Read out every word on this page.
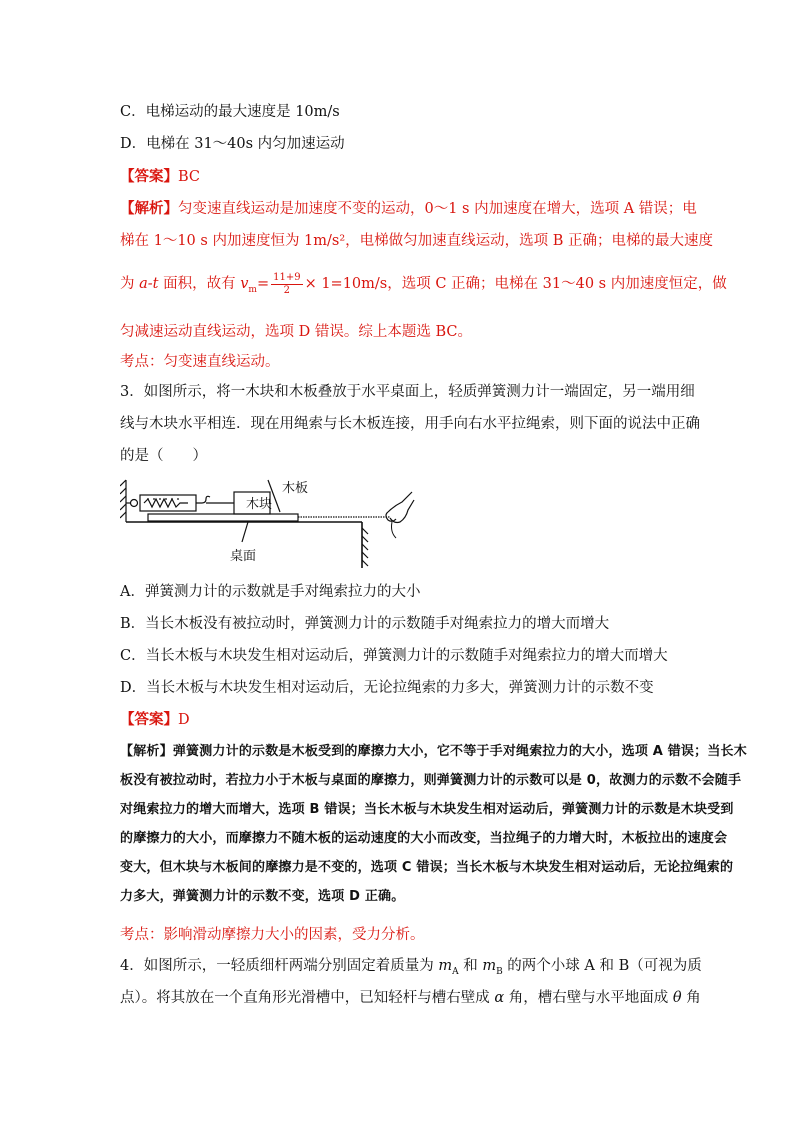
C．电梯运动的最大速度是 10m/s
D．电梯在 31～40s 内匀加速运动
【答案】BC
【解析】匀变速直线运动是加速度不变的运动，0～1 s 内加速度在增大，选项 A 错误；电
梯在 1～10 s 内加速度恒为 1m/s²，电梯做匀加速直线运动，选项 B 正确；电梯的最大速度
为 a-t 面积，故有 $v_m= \frac{11+9}{2} \times 1=10m/s$，选项 C 正确；电梯在 31～40 s 内加速度恒定，做
匀减速运动直线运动，选项 D 错误。综上本题选 BC。
考点：匀变速直线运动。
3．如图所示，将一木块和木板叠放于水平桌面上，轻质弹簧测力计一端固定，另一端用细
线与木块水平相连．现在用绳索与长木板连接，用手向右水平拉绳索，则下面的说法中正确
的是（　　）
木块
木板
桌面
A．弹簧测力计的示数就是手对绳索拉力的大小
B．当长木板没有被拉动时，弹簧测力计的示数随手对绳索拉力的增大而增大
C．当长木板与木块发生相对运动后，弹簧测力计的示数随手对绳索拉力的增大而增大
D．当长木板与木块发生相对运动后，无论拉绳索的力多大，弹簧测力计的示数不变
【答案】D
【解析】弹簧测力计的示数是木板受到的摩擦力大小，它不等于手对绳索拉力的大小，选项 A 错误；当长木
板没有被拉动时，若拉力小于木板与桌面的摩擦力，则弹簧测力计的示数可以是 0，故测力的示数不会随手
对绳索拉力的增大而增大，选项 B 错误；当长木板与木块发生相对运动后，弹簧测力计的示数是木块受到
的摩擦力的大小，而摩擦力不随木板的运动速度的大小而改变，当拉绳子的力增大时，木板拉出的速度会
变大，但木块与木板间的摩擦力是不变的，选项 C 错误；当长木板与木块发生相对运动后，无论拉绳索的
力多大，弹簧测力计的示数不变，选项 D 正确。
考点：影响滑动摩擦力大小的因素，受力分析。
4．如图所示，一轻质细杆两端分别固定着质量为 $m_A$ 和 $m_B$ 的两个小球 A 和 B（可视为质
点）。将其放在一个直角形光滑槽中，已知轻杆与槽右壁成 α 角，槽右壁与水平地面成 θ 角
